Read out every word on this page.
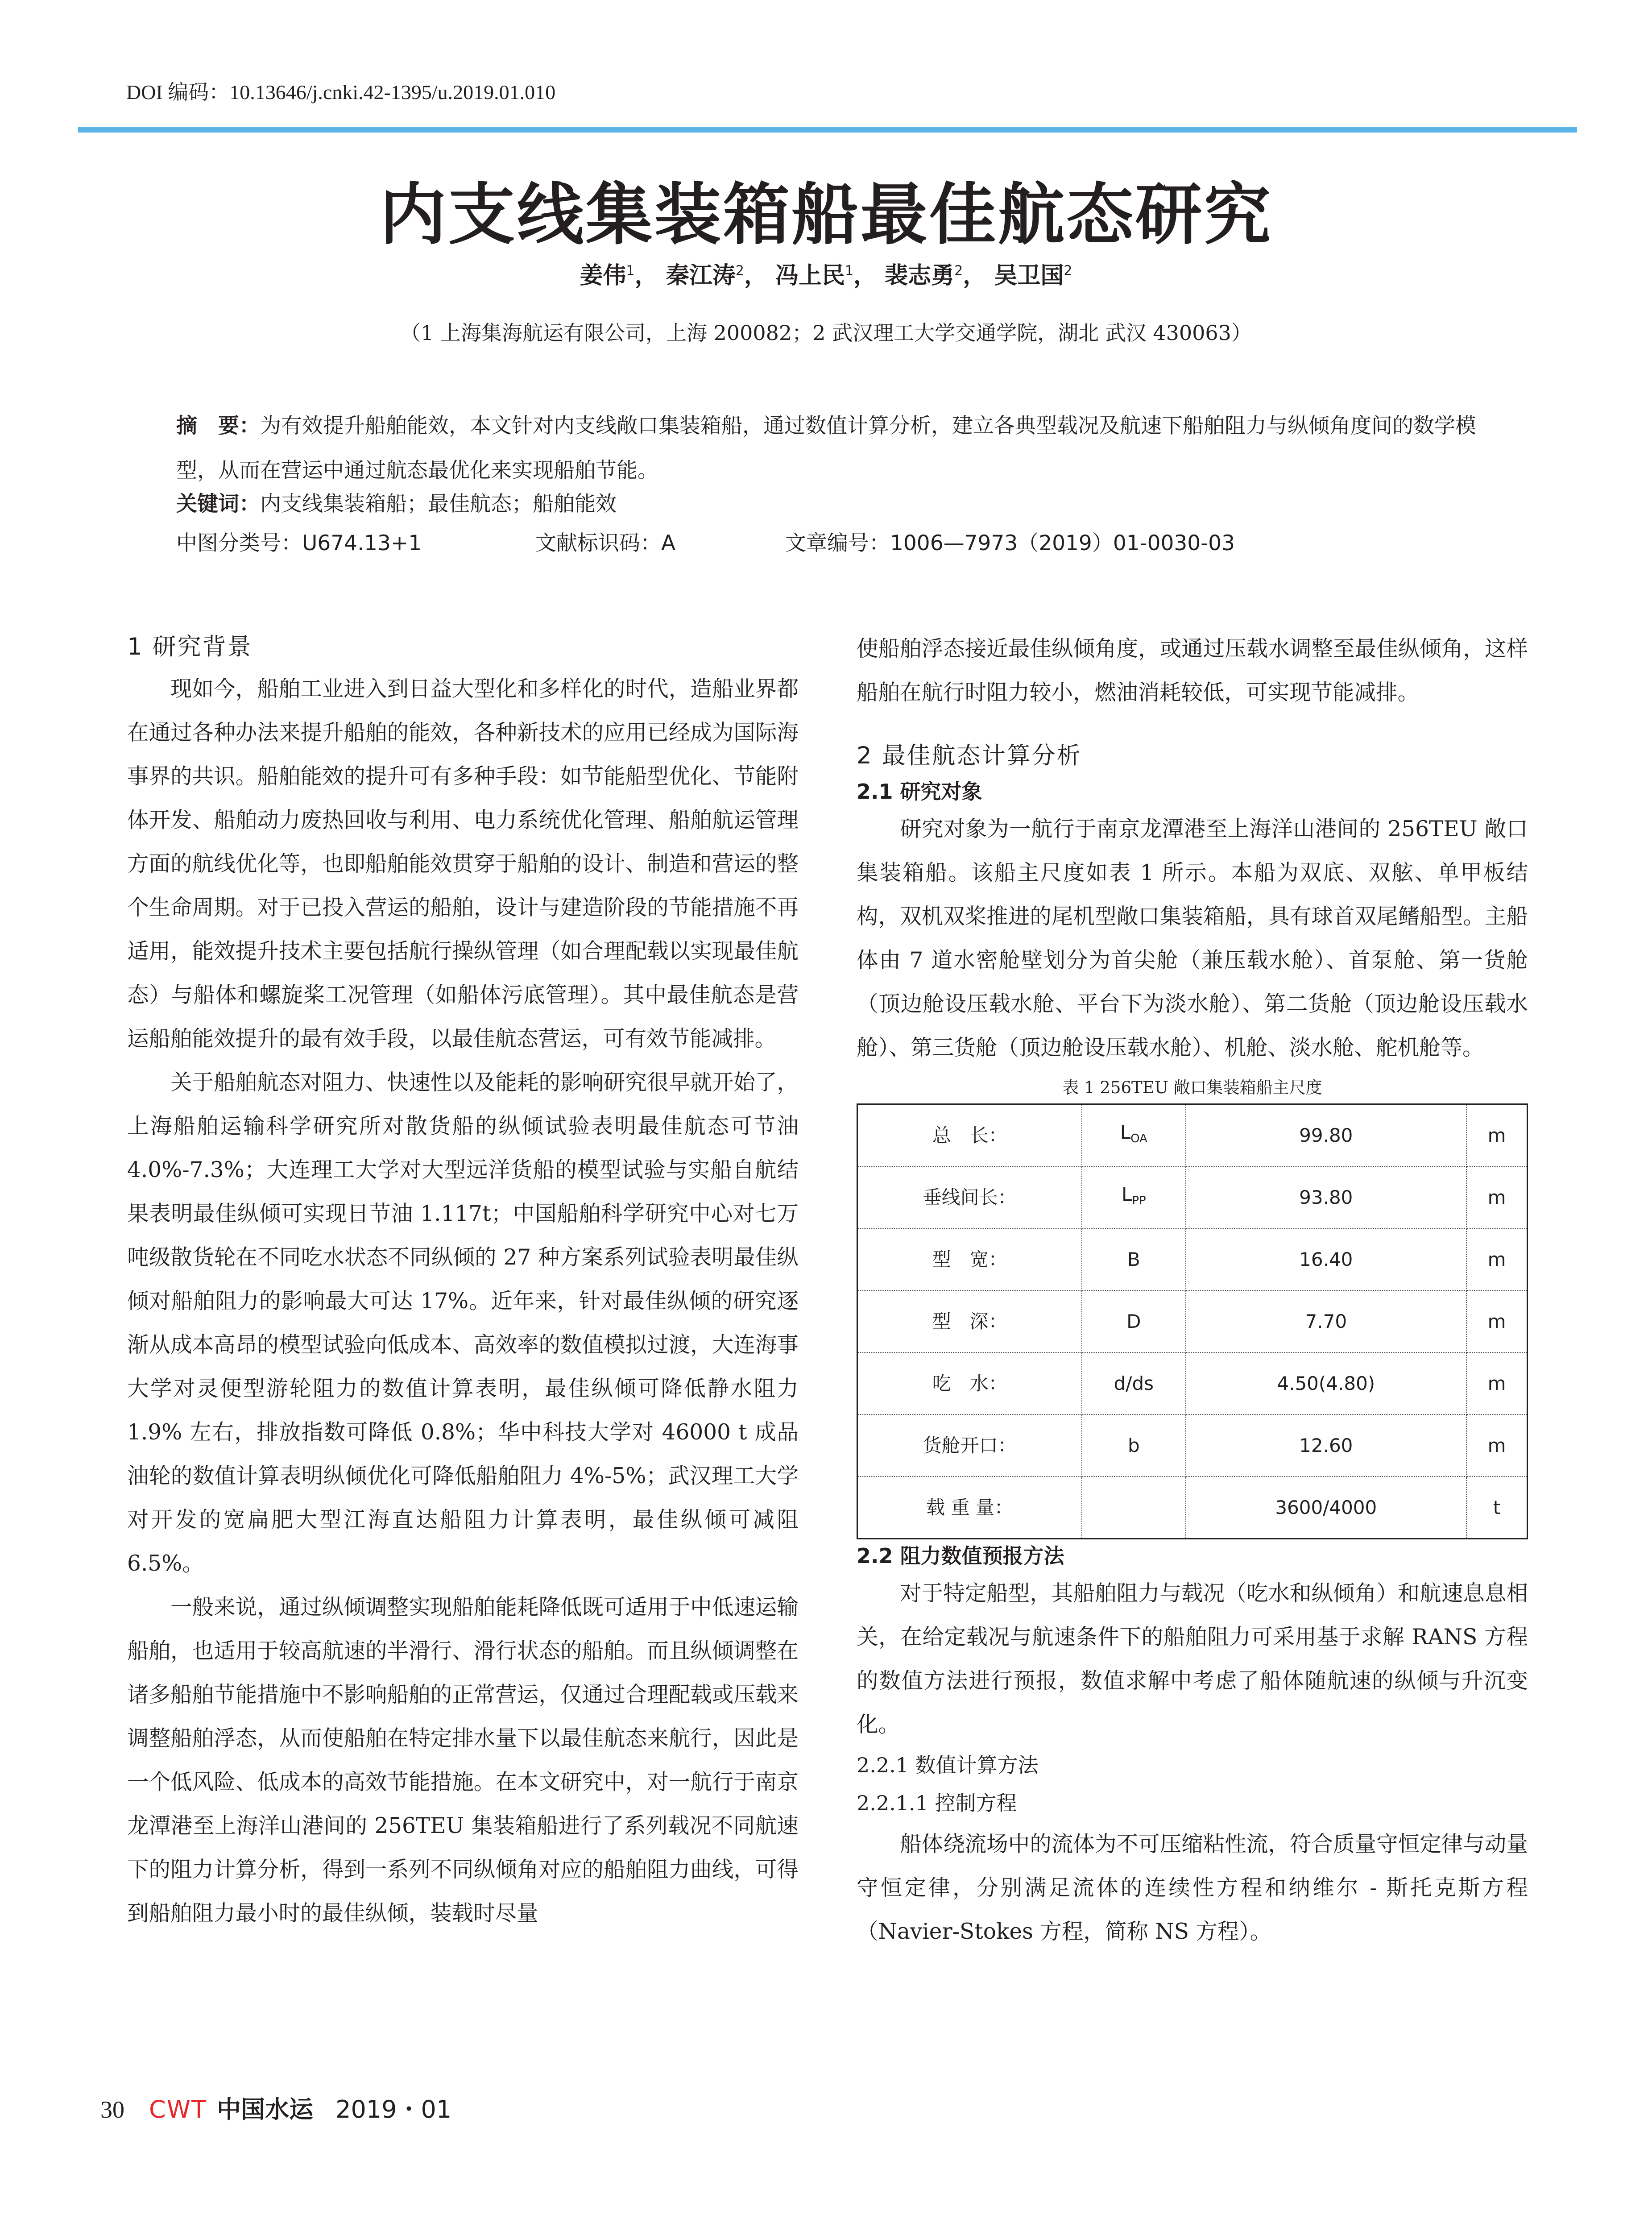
DOI 编码：10.13646/j.cnki.42-1395/u.2019.01.010
内支线集装箱船最佳航态研究
姜伟$^1$， 秦江涛$^2$， 冯上民$^1$， 裴志勇$^2$， 吴卫国$^2$
（1 上海集海航运有限公司，上海 200082；2 武汉理工大学交通学院，湖北 武汉 430063）
摘　要：为有效提升船舶能效，本文针对内支线敞口集装箱船，通过数值计算分析，建立各典型载况及航速下船舶阻力与纵倾角度间的数学模型，从而在营运中通过航态最优化来实现船舶节能。
关键词：内支线集装箱船；最佳航态；船舶能效
中图分类号：U674.13+1	文献标识码：A	文章编号：1006—7973（2019）01-0030-03
1 研究背景

现如今，船舶工业进入到日益大型化和多样化的时代，造船业界都在通过各种办法来提升船舶的能效，各种新技术的应用已经成为国际海事界的共识。船舶能效的提升可有多种手段：如节能船型优化、节能附体开发、船舶动力废热回收与利用、电力系统优化管理、船舶航运管理方面的航线优化等，也即船舶能效贯穿于船舶的设计、制造和营运的整个生命周期。对于已投入营运的船舶，设计与建造阶段的节能措施不再适用，能效提升技术主要包括航行操纵管理（如合理配载以实现最佳航态）与船体和螺旋桨工况管理（如船体污底管理）。其中最佳航态是营运船舶能效提升的最有效手段，以最佳航态营运，可有效节能减排。

关于船舶航态对阻力、快速性以及能耗的影响研究很早就开始了，上海船舶运输科学研究所对散货船的纵倾试验表明最佳航态可节油 4.0%-7.3%；大连理工大学对大型远洋货船的模型试验与实船自航结果表明最佳纵倾可实现日节油 1.117t；中国船舶科学研究中心对七万吨级散货轮在不同吃水状态不同纵倾的 27 种方案系列试验表明最佳纵倾对船舶阻力的影响最大可达 17%。近年来，针对最佳纵倾的研究逐渐从成本高昂的模型试验向低成本、高效率的数值模拟过渡，大连海事大学对灵便型游轮阻力的数值计算表明，最佳纵倾可降低静水阻力 1.9% 左右，排放指数可降低 0.8%；华中科技大学对 46000 t 成品油轮的数值计算表明纵倾优化可降低船舶阻力 4%-5%；武汉理工大学对开发的宽扁肥大型江海直达船阻力计算表明，最佳纵倾可减阻 6.5%。

一般来说，通过纵倾调整实现船舶能耗降低既可适用于中低速运输船舶，也适用于较高航速的半滑行、滑行状态的船舶。而且纵倾调整在诸多船舶节能措施中不影响船舶的正常营运，仅通过合理配载或压载来调整船舶浮态，从而使船舶在特定排水量下以最佳航态来航行，因此是一个低风险、低成本的高效节能措施。在本文研究中，对一航行于南京龙潭港至上海洋山港间的 256TEU 集装箱船进行了系列载况不同航速下的阻力计算分析，得到一系列不同纵倾角对应的船舶阻力曲线，可得到船舶阻力最小时的最佳纵倾，装载时尽量

使船舶浮态接近最佳纵倾角度，或通过压载水调整至最佳纵倾角，这样船舶在航行时阻力较小，燃油消耗较低，可实现节能减排。

2 最佳航态计算分析
2.1 研究对象

研究对象为一航行于南京龙潭港至上海洋山港间的 256TEU 敞口集装箱船。该船主尺度如表 1 所示。本船为双底、双舷、单甲板结构，双机双桨推进的尾机型敞口集装箱船，具有球首双尾鳍船型。主船体由 7 道水密舱壁划分为首尖舱（兼压载水舱）、首泵舱、第一货舱（顶边舱设压载水舱、平台下为淡水舱）、第二货舱（顶边舱设压载水舱）、第三货舱（顶边舱设压载水舱）、机舱、淡水舱、舵机舱等。

表 1 256TEU 敞口集装箱船主尺度
总　长：	$L_{OA}$	99.80	m
垂线间长：	$L_{PP}$	93.80	m
型　宽：	B	16.40	m
型　深：	D	7.70	m
吃　水：	d/ds	4.50(4.80)	m
货舱开口：	b	12.60	m
载 重 量：		3600/4000	t
2.2 阻力数值预报方法

对于特定船型，其船舶阻力与载况（吃水和纵倾角）和航速息息相关，在给定载况与航速条件下的船舶阻力可采用基于求解 RANS 方程的数值方法进行预报，数值求解中考虑了船体随航速的纵倾与升沉变化。

2.2.1 数值计算方法
2.2.1.1 控制方程

船体绕流场中的流体为不可压缩粘性流，符合质量守恒定律与动量守恒定律，分别满足流体的连续性方程和纳维尔 - 斯托克斯方程（Navier-Stokes 方程，简称 NS 方程）。

30 CWT 中国水运 2019・01
